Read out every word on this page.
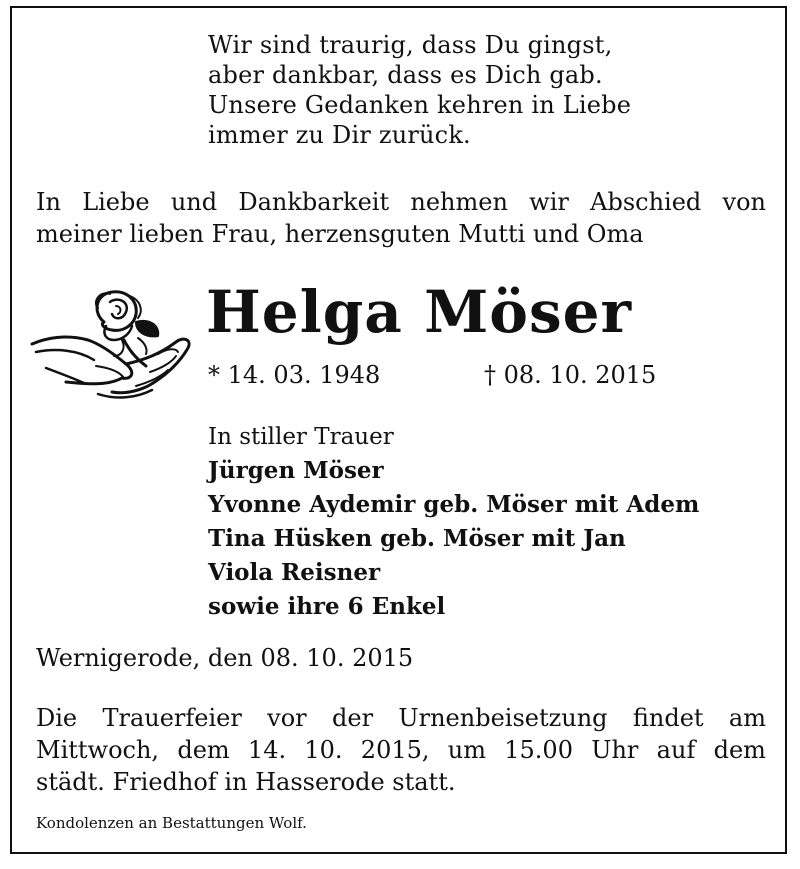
Wir sind traurig, dass Du gingst,
aber dankbar, dass es Dich gab.
Unsere Gedanken kehren in Liebe
immer zu Dir zurück.
In Liebe und Dankbarkeit nehmen wir Abschied von
meiner lieben Frau, herzensguten Mutti und Oma
Helga Möser
* 14. 03. 1948	† 08. 10. 2015
In stiller Trauer
Jürgen Möser
Yvonne Aydemir geb. Möser mit Adem
Tina Hüsken geb. Möser mit Jan
Viola Reisner
sowie ihre 6 Enkel
Wernigerode, den 08. 10. 2015
Die Trauerfeier vor der Urnenbeisetzung findet am
Mittwoch, dem 14. 10. 2015, um 15.00 Uhr auf dem
städt. Friedhof in Hasserode statt.
Kondolenzen an Bestattungen Wolf.
